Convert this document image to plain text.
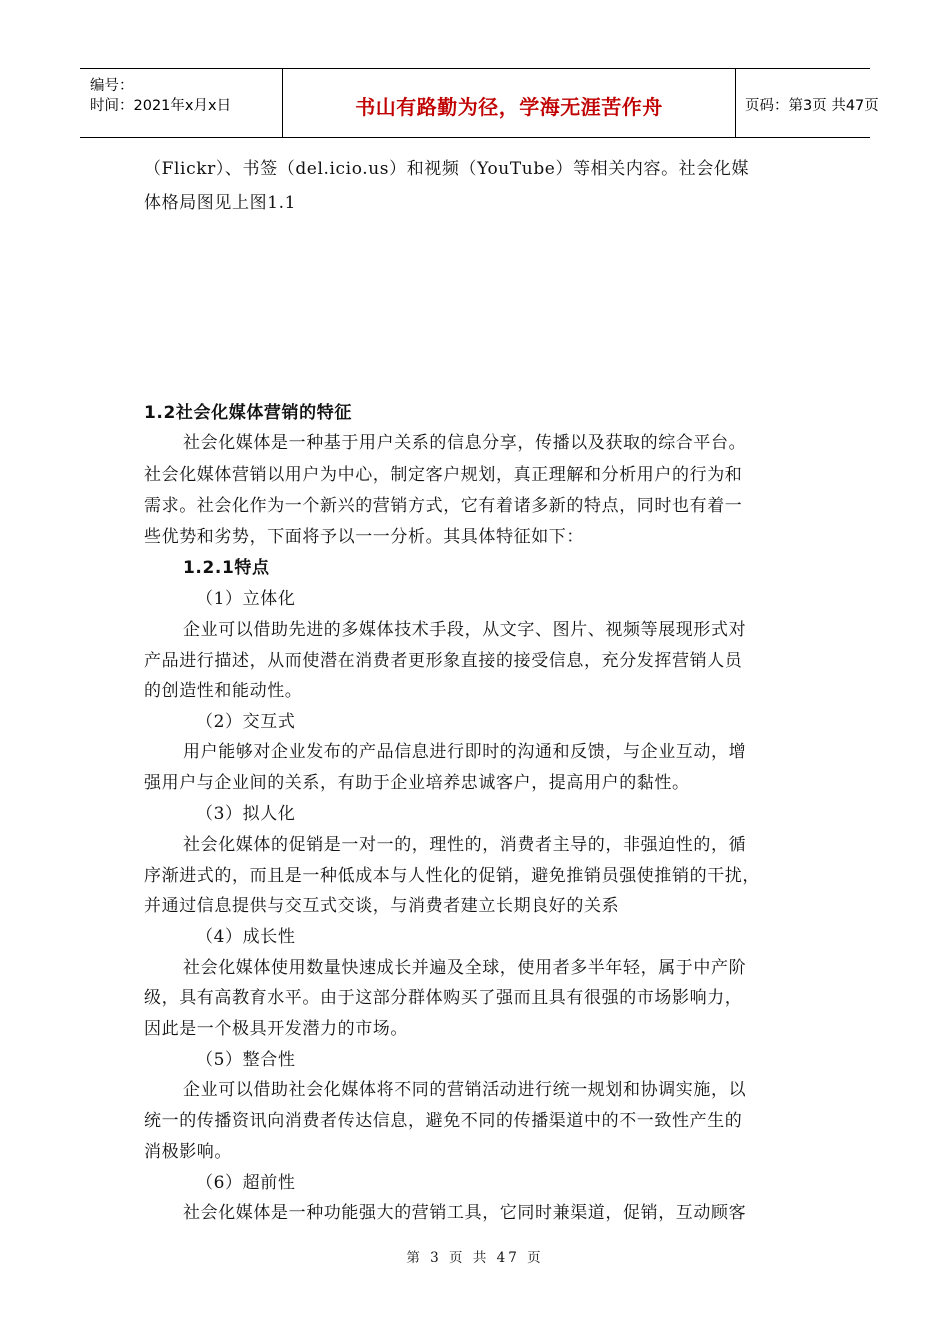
编号：
时间：2021年x月x日	书山有路勤为径，学海无涯苦作舟	页码：第3页 共47页
（Flickr）、书签（del.icio.us）和视频（YouTube）等相关内容。社会化媒
体格局图见上图1.1
1.2社会化媒体营销的特征
社会化媒体是一种基于用户关系的信息分享，传播以及获取的综合平台。
社会化媒体营销以用户为中心，制定客户规划，真正理解和分析用户的行为和
需求。社会化作为一个新兴的营销方式，它有着诸多新的特点，同时也有着一
些优势和劣势，下面将予以一一分析。其具体特征如下：
1.2.1特点
（1）立体化
企业可以借助先进的多媒体技术手段，从文字、图片、视频等展现形式对
产品进行描述，从而使潜在消费者更形象直接的接受信息，充分发挥营销人员
的创造性和能动性。
（2）交互式
用户能够对企业发布的产品信息进行即时的沟通和反馈，与企业互动，增
强用户与企业间的关系，有助于企业培养忠诚客户，提高用户的黏性。
（3）拟人化
社会化媒体的促销是一对一的，理性的，消费者主导的，非强迫性的，循
序渐进式的，而且是一种低成本与人性化的促销，避免推销员强使推销的干扰，
并通过信息提供与交互式交谈，与消费者建立长期良好的关系
（4）成长性
社会化媒体使用数量快速成长并遍及全球，使用者多半年轻，属于中产阶
级，具有高教育水平。由于这部分群体购买了强而且具有很强的市场影响力，
因此是一个极具开发潜力的市场。
（5）整合性
企业可以借助社会化媒体将不同的营销活动进行统一规划和协调实施，以
统一的传播资讯向消费者传达信息，避免不同的传播渠道中的不一致性产生的
消极影响。
（6）超前性
社会化媒体是一种功能强大的营销工具，它同时兼渠道，促销，互动顾客
第 3 页 共 47 页
